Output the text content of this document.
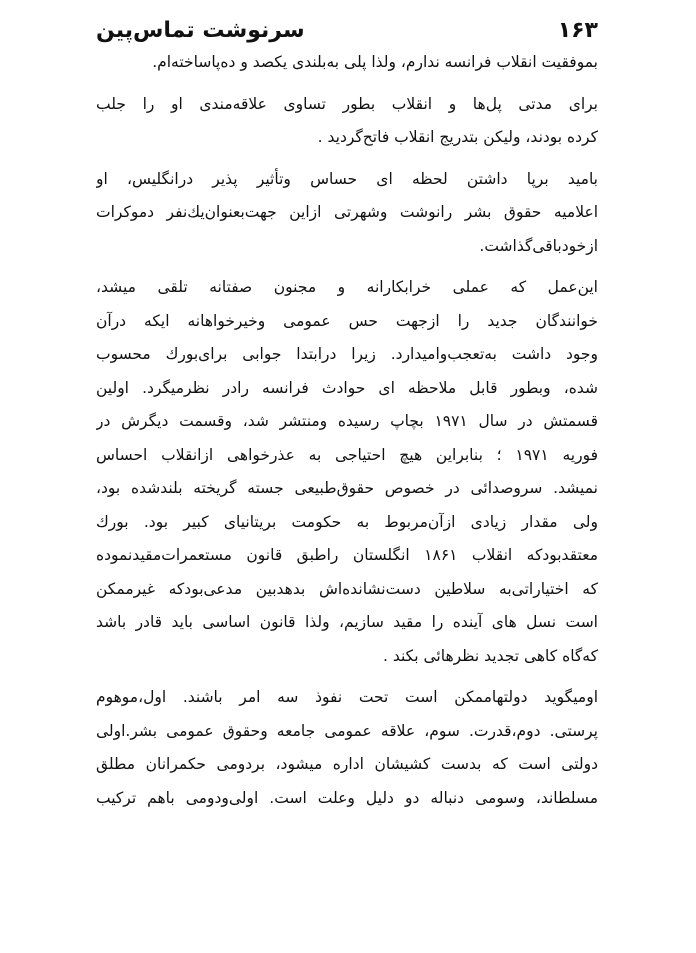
۱۶۳
سرنوشت تماس‌پین
بموفقیت انقلاب فرانسه ندارم، ولذا پلی به‌بلندی یکصد و ده‌پاساخته‌ام.
برای مدتی پل‌ها و انقلاب بطور تساوی علاقه‌مندی او را جلب
کرده بودند، ولیکن بتدریج انقلاب فاتح‌گردید .
بامید برپا داشتن لحظه ای حساس وتأثیر پذیر درانگلیس، او
اعلامیه حقوق بشر رانوشت وشهرتی ازاین جهت‌بعنوان‌یك‌نفر دموکرات
ازخودباقی‌گذاشت.
این‌عمل که عملی خرابکارانه و مجنون صفتانه تلقی میشد،
خوانندگان جدید را ازجهت حس عمومی وخیرخواهانه ایکه درآن
وجود داشت به‌تعجب‌وامیدارد. زیرا درابتدا جوابی برای‌بورك محسوب
شده، وبطور قابل ملاحظه ای حوادث فرانسه رادر نظرمیگرد. اولین
قسمتش در سال ۱۹۷۱ بچاپ رسیده ومنتشر شد، وقسمت دیگرش در
فوریه ۱۹۷۱ ؛ بنابراین هیچ احتیاجی به عذرخواهی ازانقلاب احساس
نمیشد. سروصدائی در خصوص حقوق‌طبیعی جسته گریخته بلندشده بود،
ولی مقدار زیادی ازآن‌مربوط به حکومت بریتانیای کبیر بود. بورك
معتقدبودکه انقلاب ۱۸۶۱ انگلستان راطبق قانون مستعمرات‌مقیدنموده
که اختیاراتی‌به سلاطین دست‌نشانده‌اش بدهدبین مدعی‌بودکه غیرممکن
است نسل های آینده را مقید سازیم، ولذا قانون اساسی باید قادر باشد
که‌گاه کاهی تجدید نظرهائی بکند .
اومیگوید دولتهاممکن است تحت نفوذ سه امر باشند. اول،موهوم
پرستی. دوم،قدرت. سوم، علاقه عمومی جامعه وحقوق عمومی بشر.اولی
دولتی است که بدست کشیشان اداره میشود، بردومی حکمرانان مطلق
مسلطاند، وسومی دنباله دو دلیل وعلت است. اولی‌ودومی باهم ترکیب
